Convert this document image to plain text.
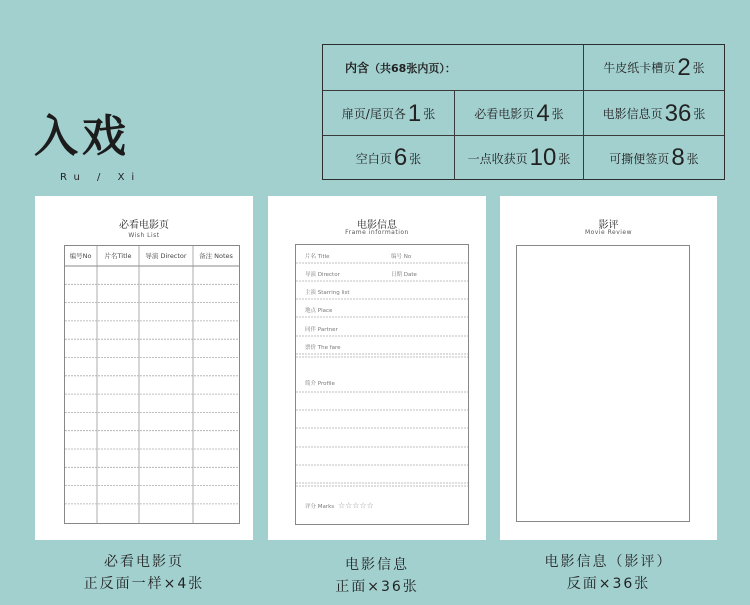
入戏
Ru / Xi
内含 （共68张内页）：	牛皮纸卡槽页 2 张
扉页/尾页各 1 张	必看电影页 4 张	电影信息页 36 张
空白页 6 张	一点收获页 10 张	可撕便签页 8 张
必看电影页
Wish List
编号No	片名Title	导演 Director	备注 Notes
电影信息
Frame information
片名 Title	编号 No
导演 Director	日期 Date
主演 Starring list
地点 Place
同伴 Partner
票价 The fare
简介 Profile
评分 Marks ☆☆☆☆☆
影评
Movie Review
必看电影页
正反面一样×4张
电影信息
正面×36张
电影信息（影评）
反面×36张
